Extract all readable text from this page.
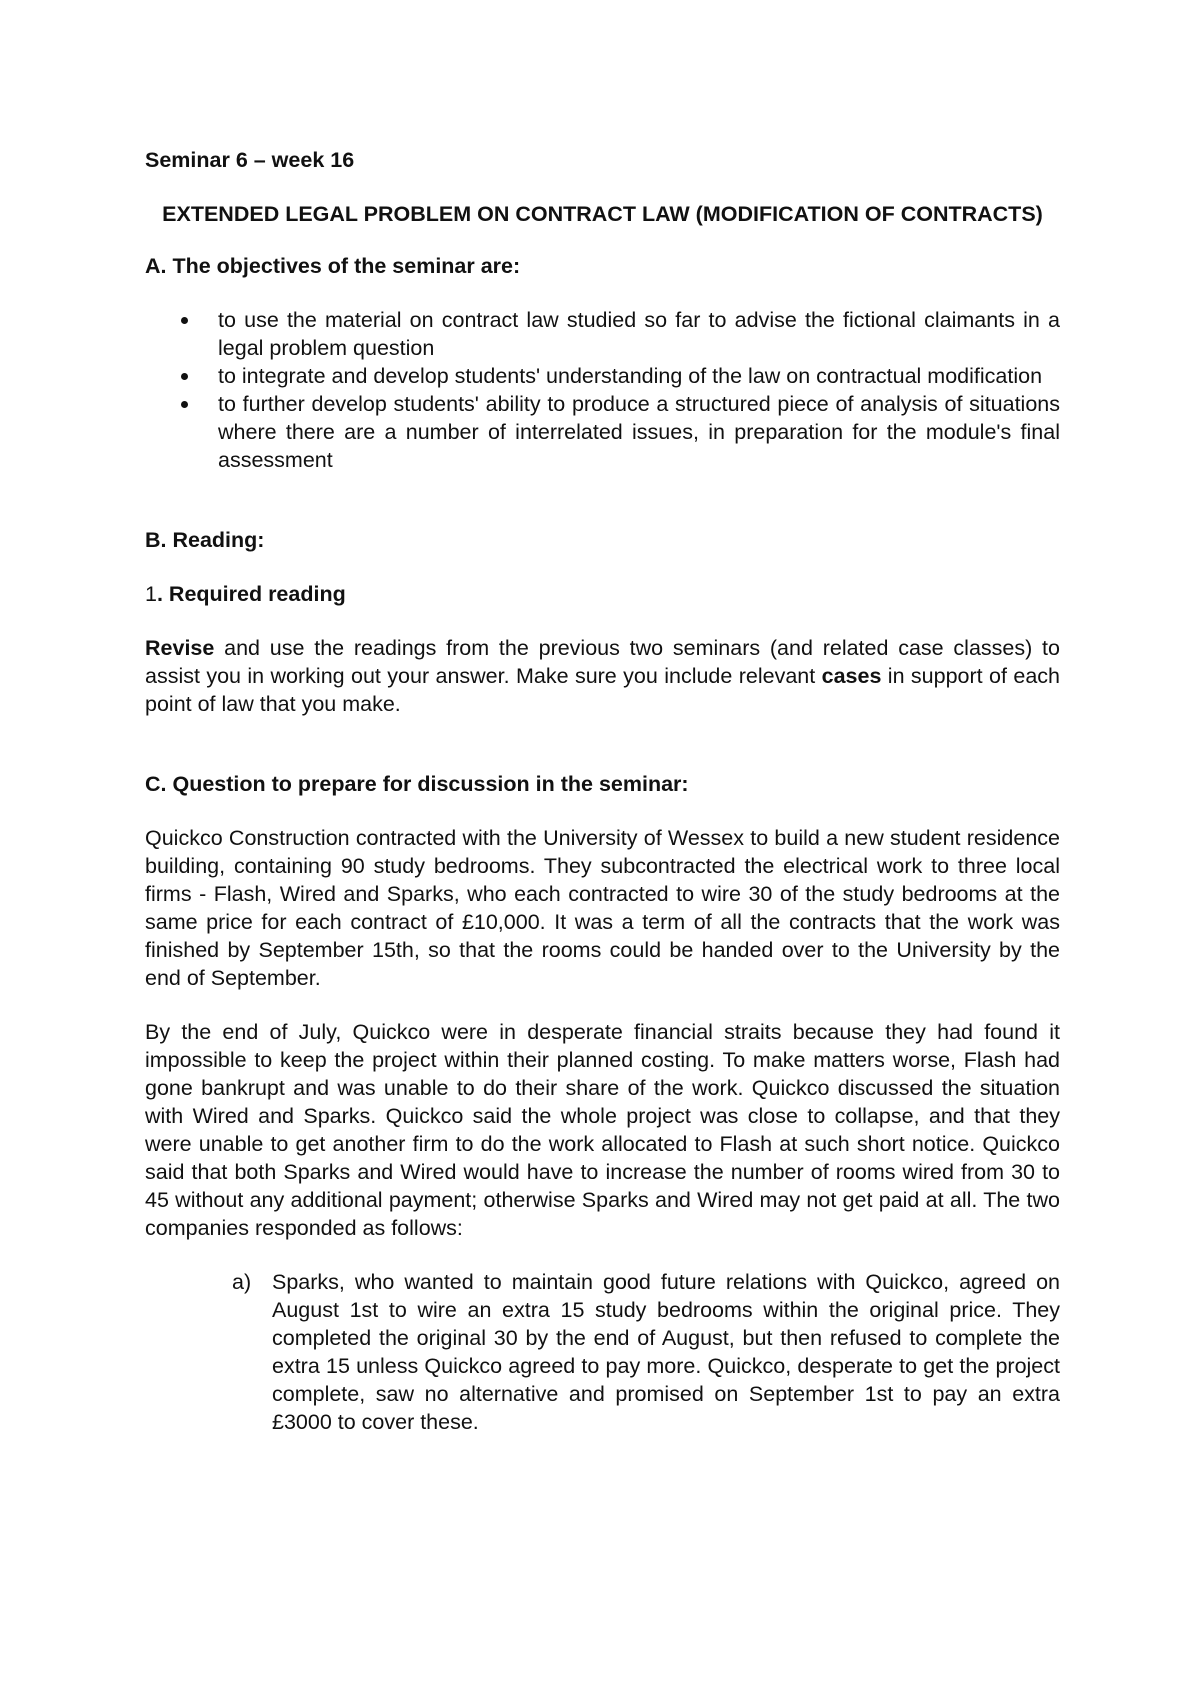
Seminar 6 – week 16
EXTENDED LEGAL PROBLEM ON CONTRACT LAW (MODIFICATION OF CONTRACTS)
A. The objectives of the seminar are:
to use the material on contract law studied so far to advise the fictional claimants in a legal problem question
to integrate and develop students' understanding of the law on contractual modification
to further develop students' ability to produce a structured piece of analysis of situations where there are a number of interrelated issues, in preparation for the module's final assessment
B. Reading:
1. Required reading

Revise and use the readings from the previous two seminars (and related case classes) to assist you in working out your answer. Make sure you include relevant cases in support of each point of law that you make.

C. Question to prepare for discussion in the seminar:

Quickco Construction contracted with the University of Wessex to build a new student residence building, containing 90 study bedrooms. They subcontracted the electrical work to three local firms - Flash, Wired and Sparks, who each contracted to wire 30 of the study bedrooms at the same price for each contract of £10,000. It was a term of all the contracts that the work was finished by September 15th, so that the rooms could be handed over to the University by the end of September.

By the end of July, Quickco were in desperate financial straits because they had found it impossible to keep the project within their planned costing. To make matters worse, Flash had gone bankrupt and was unable to do their share of the work. Quickco discussed the situation with Wired and Sparks. Quickco said the whole project was close to collapse, and that they were unable to get another firm to do the work allocated to Flash at such short notice. Quickco said that both Sparks and Wired would have to increase the number of rooms wired from 30 to 45 without any additional payment; otherwise Sparks and Wired may not get paid at all. The two companies responded as follows:

a) Sparks, who wanted to maintain good future relations with Quickco, agreed on August 1st to wire an extra 15 study bedrooms within the original price. They completed the original 30 by the end of August, but then refused to complete the extra 15 unless Quickco agreed to pay more. Quickco, desperate to get the project complete, saw no alternative and promised on September 1st to pay an extra £3000 to cover these.
